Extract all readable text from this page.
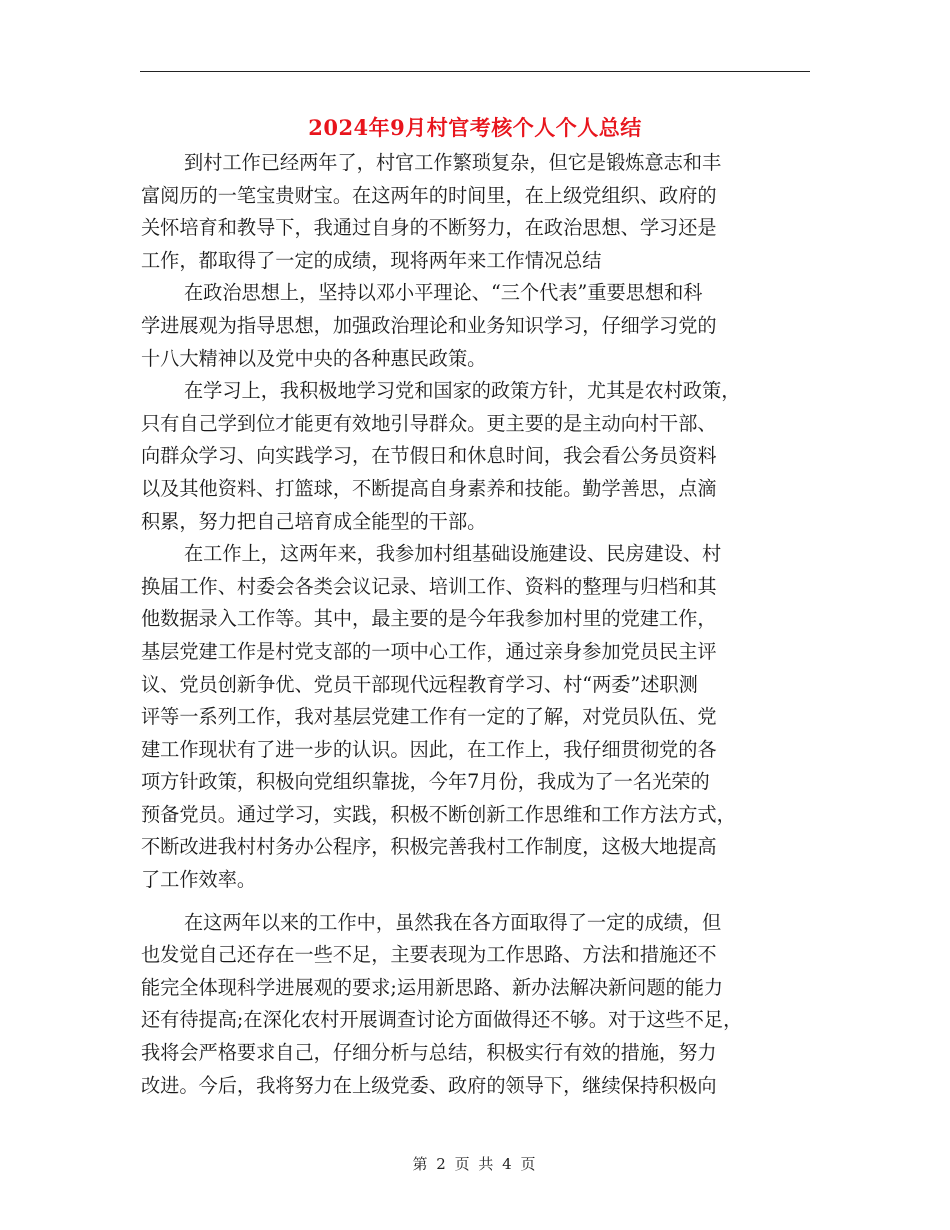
2024年9月村官考核个人个人总结
到村工作已经两年了，村官工作繁琐复杂，但它是锻炼意志和丰
富阅历的一笔宝贵财宝。在这两年的时间里，在上级党组织、政府的
关怀培育和教导下，我通过自身的不断努力，在政治思想、学习还是
工作，都取得了一定的成绩，现将两年来工作情况总结
在政治思想上，坚持以邓小平理论、“三个代表”重要思想和科
学进展观为指导思想，加强政治理论和业务知识学习，仔细学习党的
十八大精神以及党中央的各种惠民政策。
在学习上，我积极地学习党和国家的政策方针，尤其是农村政策，
只有自己学到位才能更有效地引导群众。更主要的是主动向村干部、
向群众学习、向实践学习，在节假日和休息时间，我会看公务员资料
以及其他资料、打篮球，不断提高自身素养和技能。勤学善思，点滴
积累，努力把自己培育成全能型的干部。
在工作上，这两年来，我参加村组基础设施建设、民房建设、村
换届工作、村委会各类会议记录、培训工作、资料的整理与归档和其
他数据录入工作等。其中，最主要的是今年我参加村里的党建工作，
基层党建工作是村党支部的一项中心工作，通过亲身参加党员民主评
议、党员创新争优、党员干部现代远程教育学习、村“两委”述职测
评等一系列工作，我对基层党建工作有一定的了解，对党员队伍、党
建工作现状有了进一步的认识。因此，在工作上，我仔细贯彻党的各
项方针政策，积极向党组织靠拢，今年7月份，我成为了一名光荣的
预备党员。通过学习，实践，积极不断创新工作思维和工作方法方式，
不断改进我村村务办公程序，积极完善我村工作制度，这极大地提高
了工作效率。
在这两年以来的工作中，虽然我在各方面取得了一定的成绩，但
也发觉自己还存在一些不足，主要表现为工作思路、方法和措施还不
能完全体现科学进展观的要求;运用新思路、新办法解决新问题的能力
还有待提高;在深化农村开展调查讨论方面做得还不够。对于这些不足，
我将会严格要求自己，仔细分析与总结，积极实行有效的措施，努力
改进。今后，我将努力在上级党委、政府的领导下，继续保持积极向
第 2 页 共 4 页
